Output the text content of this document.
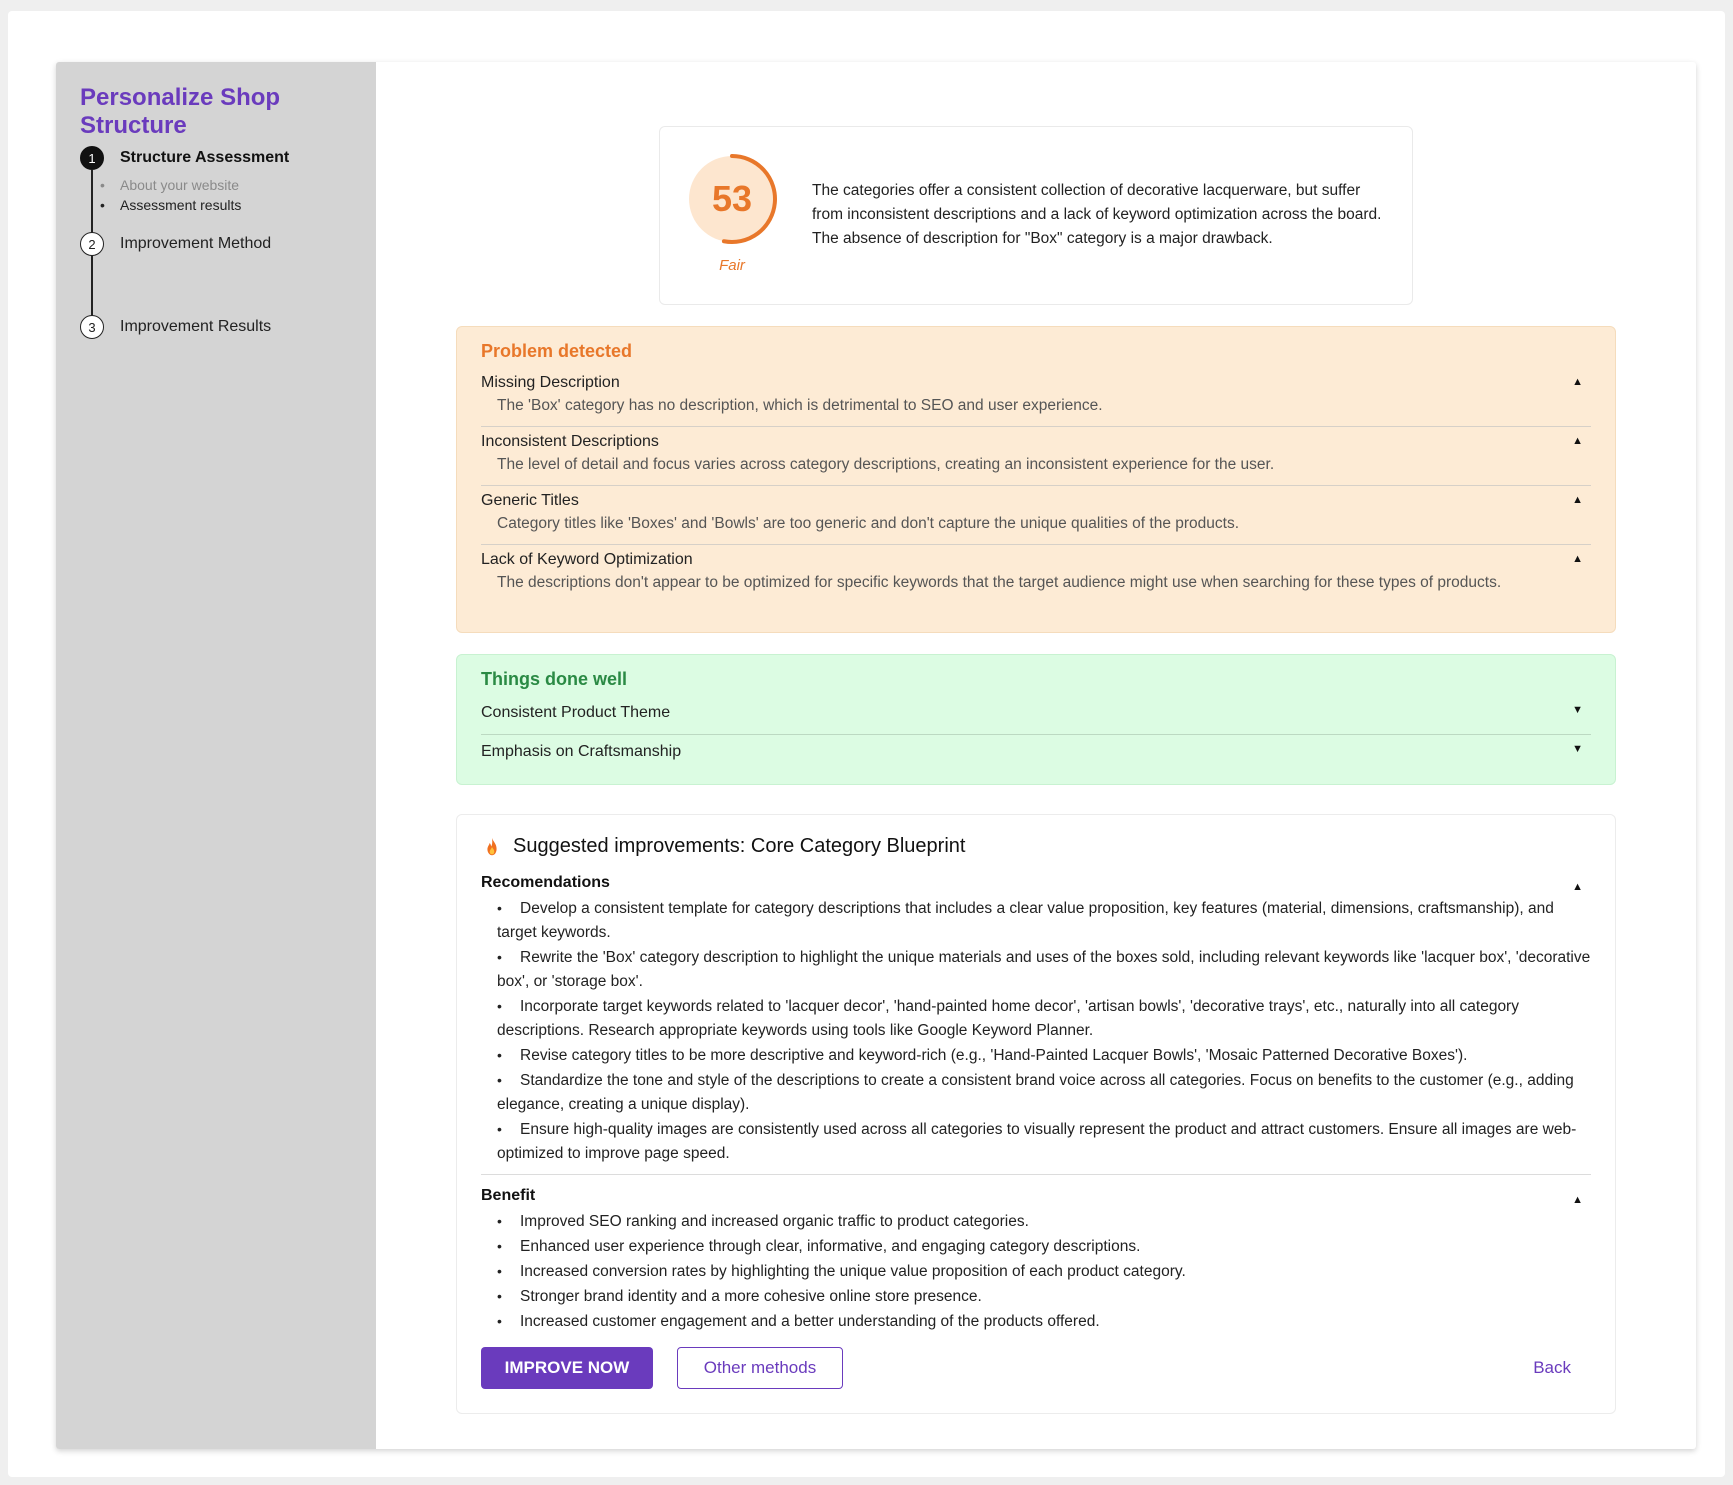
Personalize Shop Structure
1	Structure Assessment
• About your website
• Assessment results
2	Improvement Method
3	Improvement Results
53
Fair

The categories offer a consistent collection of decorative lacquerware, but suffer from inconsistent descriptions and a lack of keyword optimization across the board. The absence of description for "Box" category is a major drawback.

Problem detected
Missing Description
The 'Box' category has no description, which is detrimental to SEO and user experience.
▲
Inconsistent Descriptions
The level of detail and focus varies across category descriptions, creating an inconsistent experience for the user.
▲
Generic Titles
Category titles like 'Boxes' and 'Bowls' are too generic and don't capture the unique qualities of the products.
▲
Lack of Keyword Optimization
The descriptions don't appear to be optimized for specific keywords that the target audience might use when searching for these types of products.
▲
Things done well
Consistent Product Theme	▼
Emphasis on Craftsmanship	▼
Suggested improvements: Core Category Blueprint
Recomendations	▲
• Develop a consistent template for category descriptions that includes a clear value proposition, key features (material, dimensions, craftsmanship), and target keywords.
• Rewrite the 'Box' category description to highlight the unique materials and uses of the boxes sold, including relevant keywords like 'lacquer box', 'decorative box', or 'storage box'.
• Incorporate target keywords related to 'lacquer decor', 'hand-painted home decor', 'artisan bowls', 'decorative trays', etc., naturally into all category descriptions. Research appropriate keywords using tools like Google Keyword Planner.
• Revise category titles to be more descriptive and keyword-rich (e.g., 'Hand-Painted Lacquer Bowls', 'Mosaic Patterned Decorative Boxes').
• Standardize the tone and style of the descriptions to create a consistent brand voice across all categories. Focus on benefits to the customer (e.g., adding elegance, creating a unique display).
• Ensure high-quality images are consistently used across all categories to visually represent the product and attract customers. Ensure all images are web-optimized to improve page speed.
Benefit	▲
• Improved SEO ranking and increased organic traffic to product categories.
• Enhanced user experience through clear, informative, and engaging category descriptions.
• Increased conversion rates by highlighting the unique value proposition of each product category.
• Stronger brand identity and a more cohesive online store presence.
• Increased customer engagement and a better understanding of the products offered.
IMPROVE NOW	Other methods	Back
